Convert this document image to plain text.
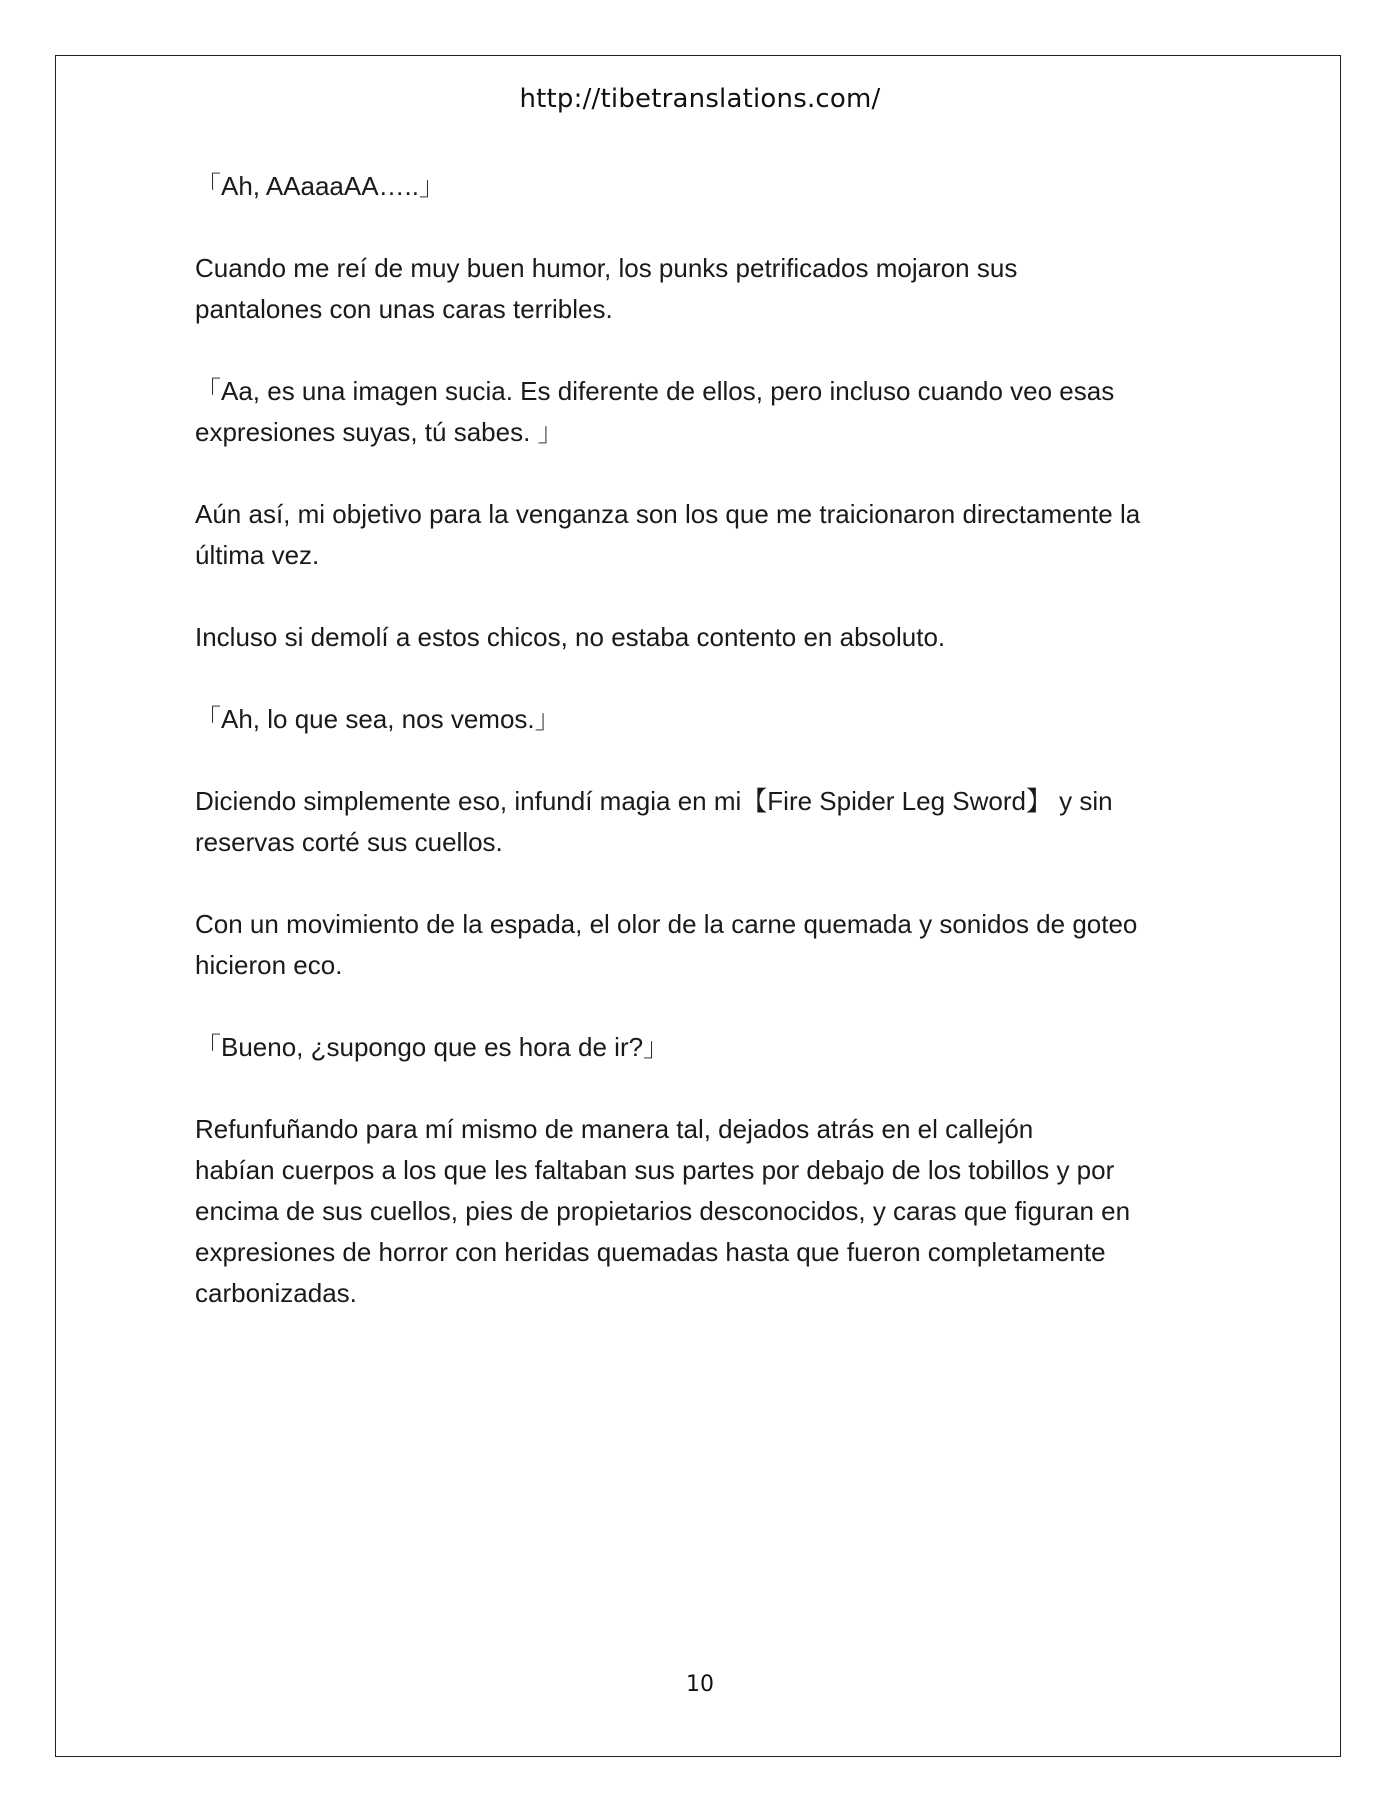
http://tibetranslations.com/

「Ah, AAaaaAA…..」

Cuando me reí de muy buen humor, los punks petrificados mojaron sus
pantalones con unas caras terribles.

「Aa, es una imagen sucia. Es diferente de ellos, pero incluso cuando veo esas
expresiones suyas, tú sabes. 」

Aún así, mi objetivo para la venganza son los que me traicionaron directamente la
última vez.

Incluso si demolí a estos chicos, no estaba contento en absoluto.

「Ah, lo que sea, nos vemos.」

Diciendo simplemente eso, infundí magia en mi【Fire Spider Leg Sword】 y sin
reservas corté sus cuellos.

Con un movimiento de la espada, el olor de la carne quemada y sonidos de goteo
hicieron eco.

「Bueno, ¿supongo que es hora de ir?」

Refunfuñando para mí mismo de manera tal, dejados atrás en el callejón
habían cuerpos a los que les faltaban sus partes por debajo de los tobillos y por
encima de sus cuellos, pies de propietarios desconocidos, y caras que figuran en
expresiones de horror con heridas quemadas hasta que fueron completamente
carbonizadas.

10
